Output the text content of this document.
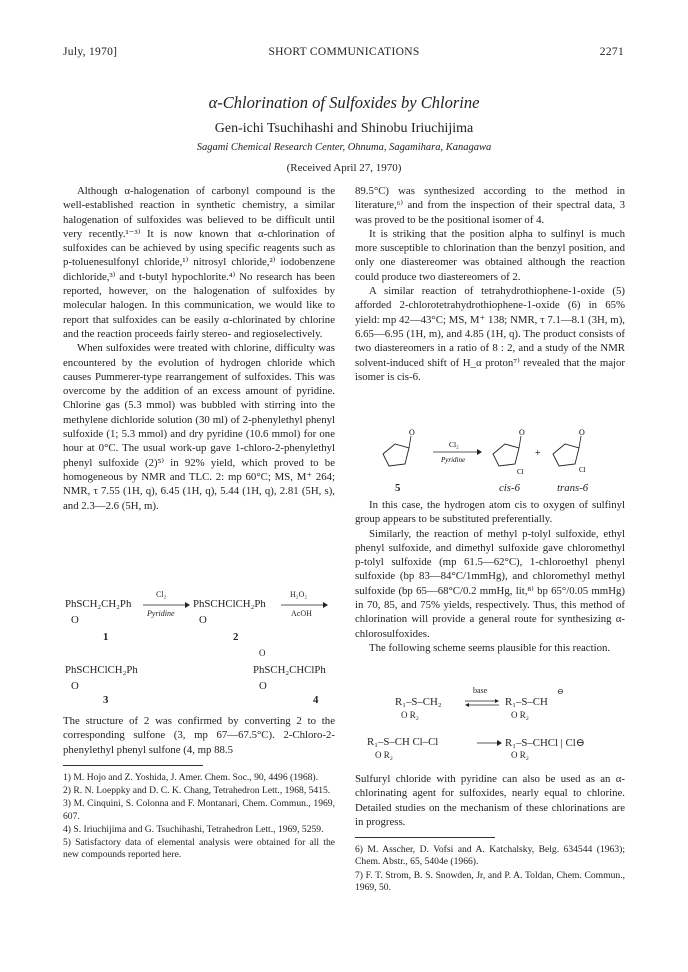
July, 1970]	SHORT COMMUNICATIONS	2271
α-Chlorination of Sulfoxides by Chlorine
Gen-ichi Tsuchihashi and Shinobu Iriuchijima
Sagami Chemical Research Center, Ohnuma, Sagamihara, Kanagawa
(Received April 27, 1970)

Although α-halogenation of carbonyl compound is the well-established reaction in synthetic chemistry, a similar halogenation of sulfoxides was believed to be difficult until very recently.¹⁻³⁾ It is now known that α-chlorination of sulfoxides can be achieved by using specific reagents such as p-toluenesulfonyl chloride,¹⁾ nitrosyl chloride,²⁾ iodobenzene dichloride,³⁾ and t-butyl hypochlorite.⁴⁾ No research has been reported, however, on the halogenation of sulfoxides by molecular halogen. In this communication, we would like to report that sulfoxides can be easily α-chlorinated by chlorine and the reaction proceeds fairly stereo- and regioselectively.

When sulfoxides were treated with chlorine, difficulty was encountered by the evolution of hydrogen chloride which causes Pummerer-type rearrangement of sulfoxides. This was overcome by the addition of an excess amount of pyridine. Chlorine gas (5.3 mmol) was bubbled with stirring into the methylene dichloride solution (30 ml) of 2-phenylethyl phenyl sulfoxide (1; 5.3 mmol) and dry pyridine (10.6 mmol) for one hour at 0°C. The usual work-up gave 1-chloro-2-phenylethyl phenyl sulfoxide (2)⁵⁾ in 92% yield, which proved to be homogeneous by NMR and TLC. 2: mp 60°C; MS, M⁺ 264; NMR, τ 7.55 (1H, q), 6.45 (1H, q), 5.44 (1H, q), 2.81 (5H, s), and 2.3—2.6 (5H, m).

PhSCH₂CH₂Ph
O
Cl₂
Pyridine
PhSCHClCH₂Ph
O
H₂O₂
AcOH
1	2
PhSCHClCH₂Ph
O
O
PhSCH₂CHClPh
O
3	4

The structure of 2 was confirmed by converting 2 to the corresponding sulfone (3, mp 67—67.5°C). 2-Chloro-2-phenylethyl phenyl sulfone (4, mp 88.5

1) M. Hojo and Z. Yoshida, J. Amer. Chem. Soc., 90, 4496 (1968).
2) R. N. Loeppky and D. C. K. Chang, Tetrahedron Lett., 1968, 5415.
3) M. Cinquini, S. Colonna and F. Montanari, Chem. Commun., 1969, 607.
4) S. Iriuchijima and G. Tsuchihashi, Tetrahedron Lett., 1969, 5259.
5) Satisfactory data of elemental analysis were obtained for all the new compounds reported here.

89.5°C) was synthesized according to the method in literature,⁶⁾ and from the inspection of their spectral data, 3 was proved to be the positional isomer of 4.

It is striking that the position alpha to sulfinyl is much more susceptible to chlorination than the benzyl position, and only one diastereomer was obtained although the reaction could produce two diastereomers of 2.

A similar reaction of tetrahydrothiophene-1-oxide (5) afforded 2-chlorotetrahydrothiophene-1-oxide (6) in 65% yield: mp 42—43°C; MS, M⁺ 138; NMR, τ 7.1—8.1 (3H, m), 6.65—6.95 (1H, m), and 4.85 (1H, q). The product consists of two diastereomers in a ratio of 8 : 2, and a study of the NMR solvent-induced shift of H_α proton⁷⁾ revealed that the major isomer is cis-6.

O
Cl₂
Pyridine
O
Cl
+
O
Cl
5	cis-6	trans-6

In this case, the hydrogen atom cis to oxygen of sulfinyl group appears to be substituted preferentially.

Similarly, the reaction of methyl p-tolyl sulfoxide, ethyl phenyl sulfoxide, and dimethyl sulfoxide gave chloromethyl p-tolyl sulfoxide (mp 61.5—62°C), 1-chloroethyl phenyl sulfoxide (bp 83—84°C/1mmHg), and chloromethyl methyl sulfoxide (bp 65—68°C/0.2 mmHg, lit,⁸⁾ bp 65°/0.05 mmHg) in 70, 85, and 75% yields, respectively. Thus, this method of chlorination will provide a general route for synthesizing α-chlorosulfoxides.

The following scheme seems plausible for this reaction.

R₁–S–CH₂
O R₂
base
⇌ R₁–S–CH
O R₂
⊖
R₁–S–CH Cl–Cl
O R₂
→ R₁–S–CHCl | Cl⊖
O R₂

Sulfuryl chloride with pyridine can also be used as an α-chlorinating agent for sulfoxides, nearly equal to chlorine. Detailed studies on the mechanism of these chlorinations are in progress.

6) M. Asscher, D. Vofsi and A. Katchalsky, Belg. 634544 (1963); Chem. Abstr., 65, 5404e (1966).
7) F. T. Strom, B. S. Snowden, Jr, and P. A. Toldan, Chem. Commun., 1969, 50.
